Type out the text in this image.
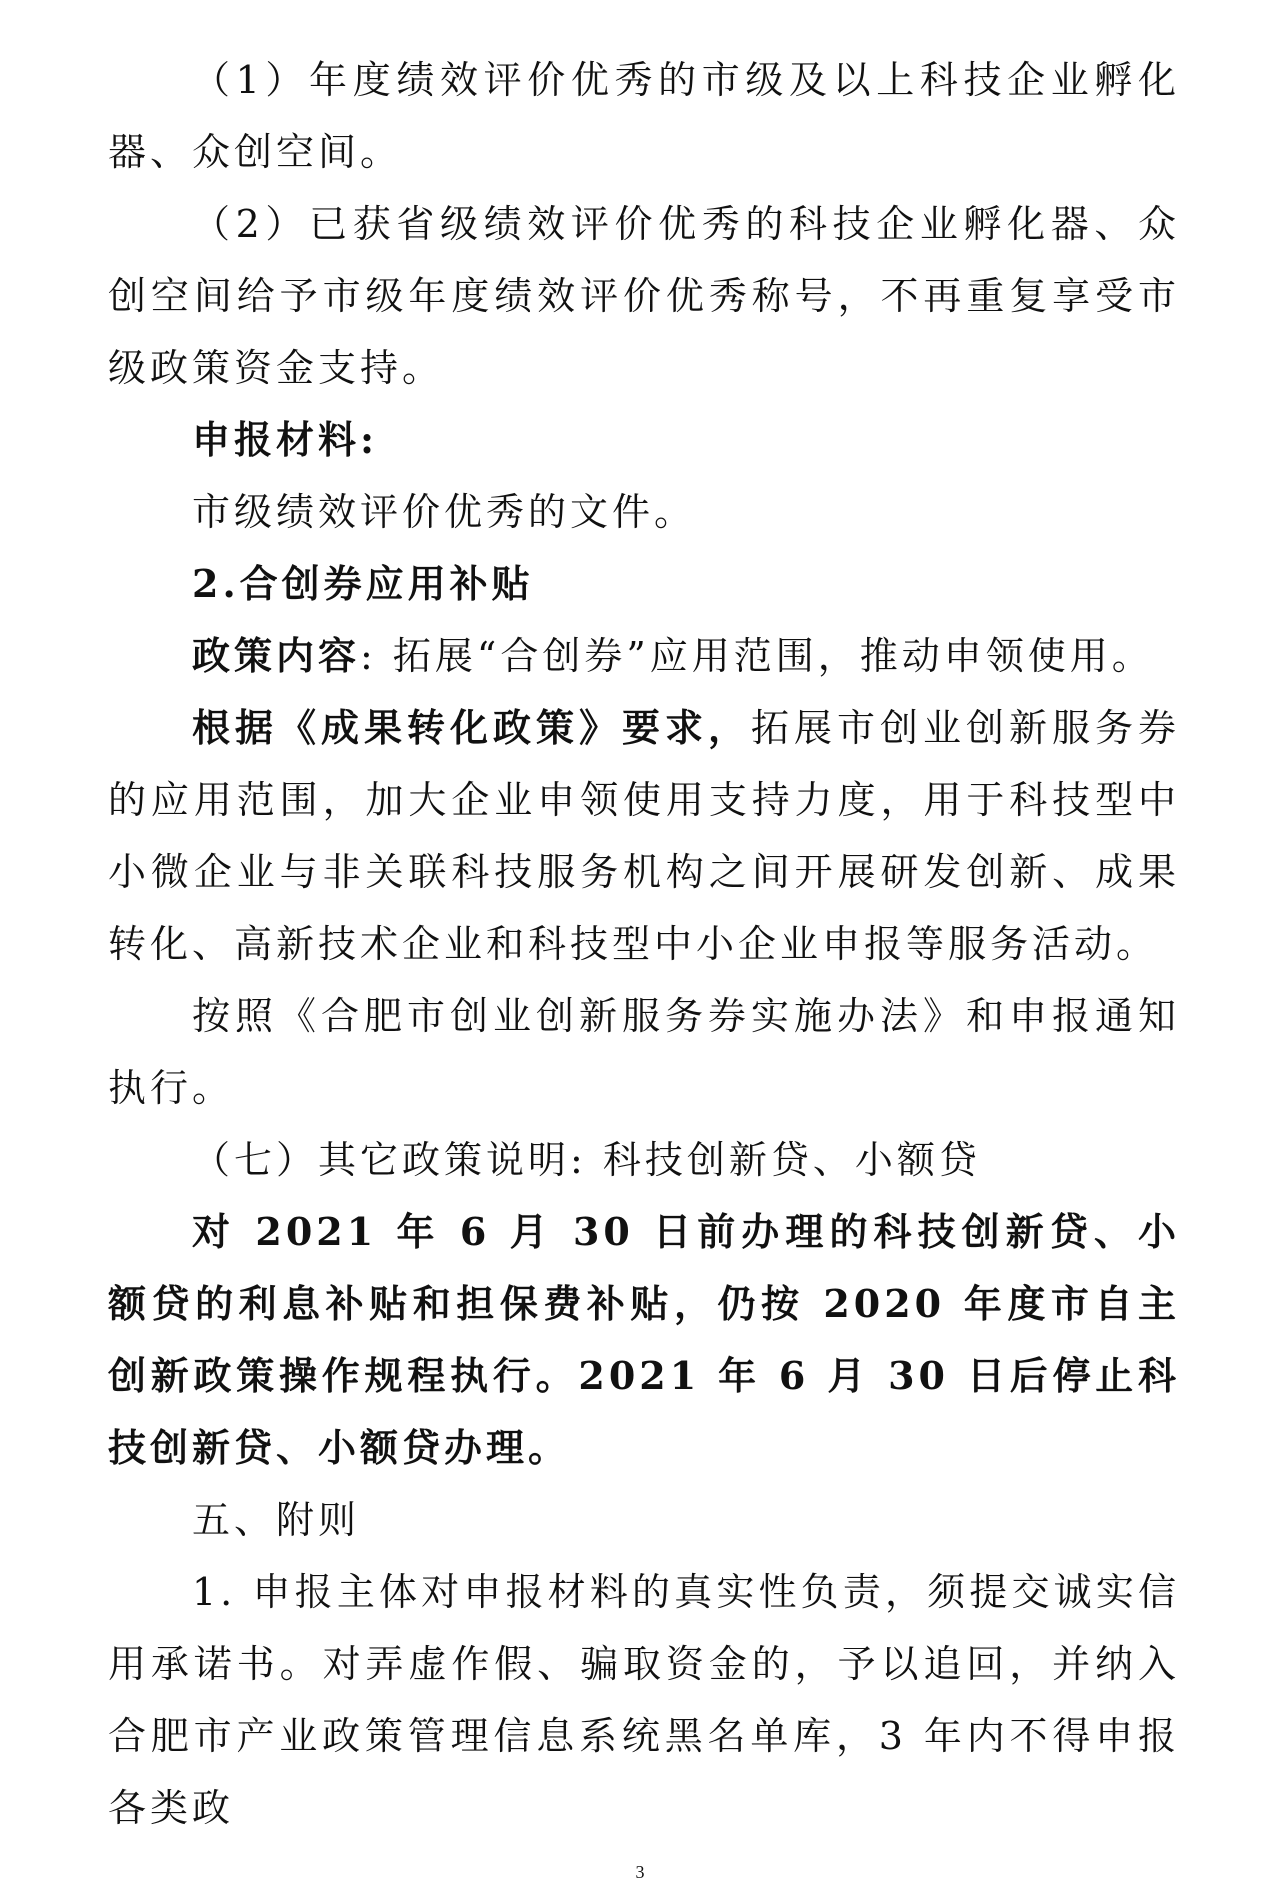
（1）年度绩效评价优秀的市级及以上科技企业孵化器、众创空间。

（2）已获省级绩效评价优秀的科技企业孵化器、众创空间给予市级年度绩效评价优秀称号，不再重复享受市级政策资金支持。

申报材料:

市级绩效评价优秀的文件。

2.合创券应用补贴

政策内容: 拓展“合创券”应用范围，推动申领使用。

根据《成果转化政策》要求，拓展市创业创新服务券的应用范围，加大企业申领使用支持力度，用于科技型中小微企业与非关联科技服务机构之间开展研发创新、成果转化、高新技术企业和科技型中小企业申报等服务活动。

按照《合肥市创业创新服务券实施办法》和申报通知执行。

（七）其它政策说明: 科技创新贷、小额贷

对 2021 年 6 月 30 日前办理的科技创新贷、小额贷的利息补贴和担保费补贴，仍按 2020 年度市自主创新政策操作规程执行。2021 年 6 月 30 日后停止科技创新贷、小额贷办理。

五、附则

1. 申报主体对申报材料的真实性负责，须提交诚实信用承诺书。对弄虚作假、骗取资金的，予以追回，并纳入合肥市产业政策管理信息系统黑名单库，3 年内不得申报各类政

3
